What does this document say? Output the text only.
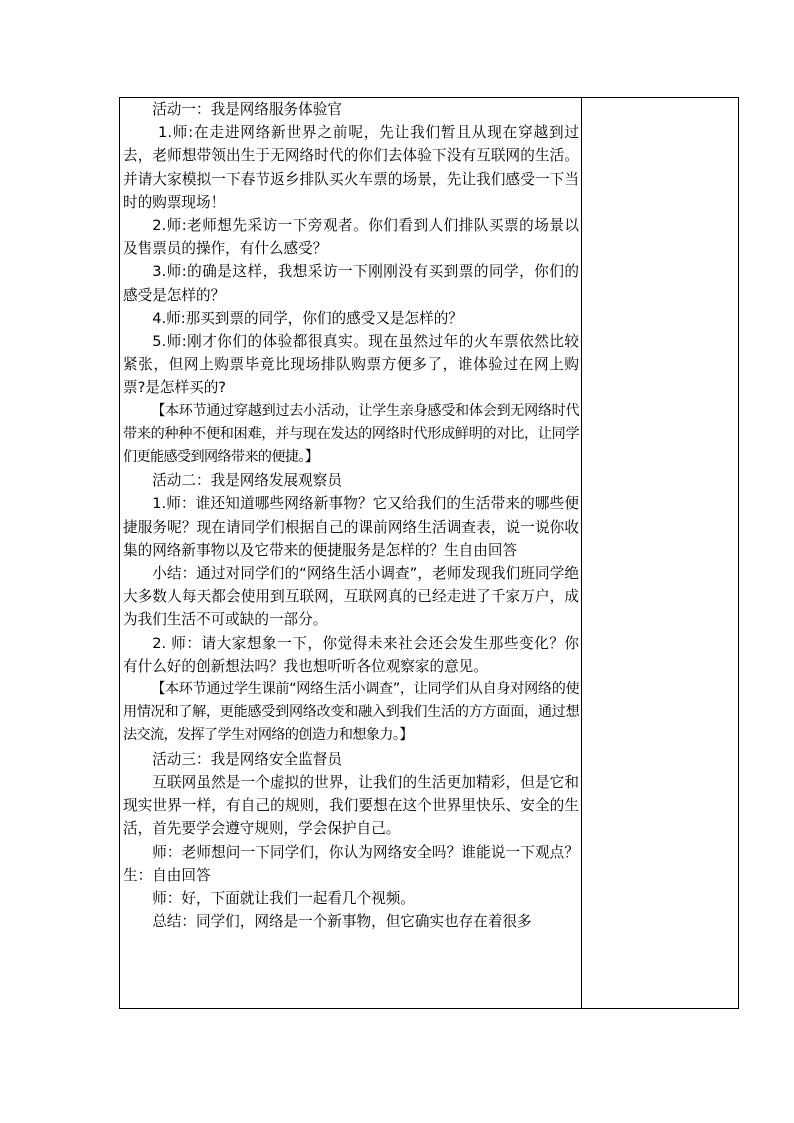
活动一：我是网络服务体验官

1.师:在走进网络新世界之前呢，先让我们暂且从现在穿越到过去，老师想带领出生于无网络时代的你们去体验下没有互联网的生活。并请大家模拟一下春节返乡排队买火车票的场景，先让我们感受一下当时的购票现场！

2.师:老师想先采访一下旁观者。你们看到人们排队买票的场景以及售票员的操作，有什么感受？

3.师:的确是这样，我想采访一下刚刚没有买到票的同学，你们的感受是怎样的？

4.师:那买到票的同学，你们的感受又是怎样的？

5.师:刚才你们的体验都很真实。现在虽然过年的火车票依然比较紧张，但网上购票毕竟比现场排队购票方便多了，谁体验过在网上购票?是怎样买的?

【本环节通过穿越到过去小活动，让学生亲身感受和体会到无网络时代带来的种种不便和困难，并与现在发达的网络时代形成鲜明的对比，让同学们更能感受到网络带来的便捷。】

活动二：我是网络发展观察员

1.师：谁还知道哪些网络新事物？它又给我们的生活带来的哪些便捷服务呢？现在请同学们根据自己的课前网络生活调查表，说一说你收集的网络新事物以及它带来的便捷服务是怎样的？生自由回答

小结：通过对同学们的“网络生活小调查”，老师发现我们班同学绝大多数人每天都会使用到互联网，互联网真的已经走进了千家万户，成为我们生活不可或缺的一部分。

2. 师：请大家想象一下，你觉得未来社会还会发生那些变化？你有什么好的创新想法吗？我也想听听各位观察家的意见。

【本环节通过学生课前“网络生活小调查”，让同学们从自身对网络的使用情况和了解，更能感受到网络改变和融入到我们生活的方方面面，通过想法交流，发挥了学生对网络的创造力和想象力。】

活动三：我是网络安全监督员

互联网虽然是一个虚拟的世界，让我们的生活更加精彩，但是它和现实世界一样，有自己的规则，我们要想在这个世界里快乐、安全的生活，首先要学会遵守规则，学会保护自己。

师：老师想问一下同学们，你认为网络安全吗？谁能说一下观点？生：自由回答

师：好，下面就让我们一起看几个视频。

总结：同学们，网络是一个新事物，但它确实也存在着很多
